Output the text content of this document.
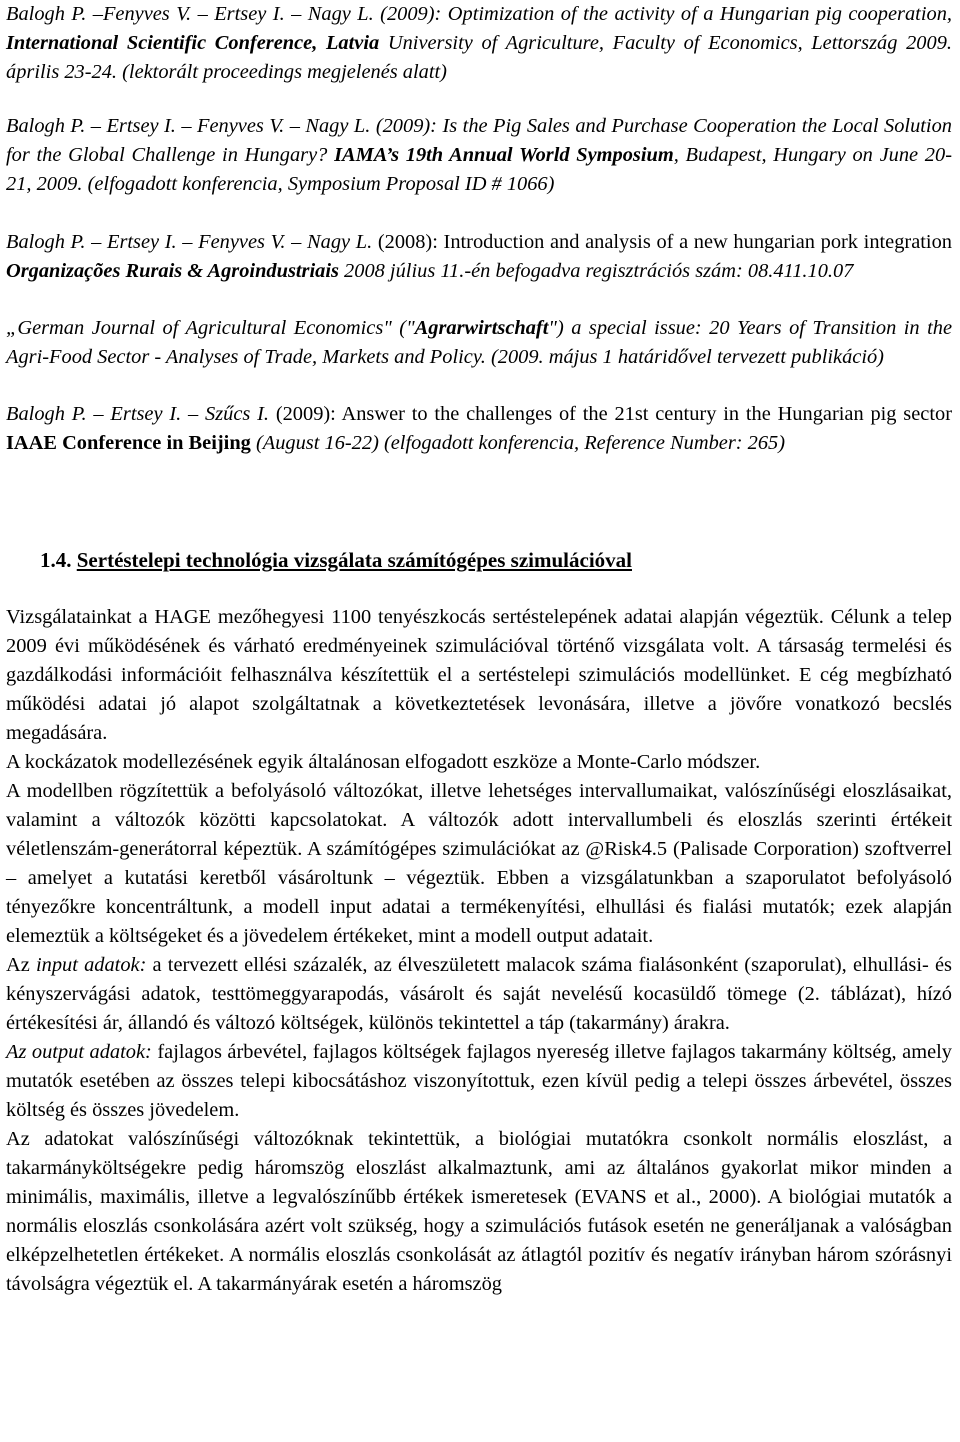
Balogh P. –Fenyves V. – Ertsey I. – Nagy L. (2009): Optimization of the activity of a Hungarian pig cooperation, International Scientific Conference, Latvia University of Agriculture, Faculty of Economics, Lettország 2009. április 23-24. (lektorált proceedings megjelenés alatt)

Balogh P. – Ertsey I. – Fenyves V. – Nagy L. (2009): Is the Pig Sales and Purchase Cooperation the Local Solution for the Global Challenge in Hungary? IAMA’s 19th Annual World Symposium, Budapest, Hungary on June 20-21, 2009. (elfogadott konferencia, Symposium Proposal ID # 1066)

Balogh P. – Ertsey I. – Fenyves V. – Nagy L. (2008): Introduction and analysis of a new hungarian pork integration Organizações Rurais & Agroindustriais 2008 július 11.-én befogadva regisztrációs szám: 08.411.10.07

„German Journal of Agricultural Economics" ("Agrarwirtschaft") a special issue: 20 Years of Transition in the Agri-Food Sector - Analyses of Trade, Markets and Policy. (2009. május 1 határidővel tervezett publikáció)

Balogh P. – Ertsey I. – Szűcs I. (2009): Answer to the challenges of the 21st century in the Hungarian pig sector IAAE Conference in Beijing (August 16-22) (elfogadott konferencia, Reference Number: 265)

1.4. Sertéstelepi technológia vizsgálata számítógépes szimulációval

Vizsgálatainkat a HAGE mezőhegyesi 1100 tenyészkocás sertéstelepének adatai alapján végeztük. Célunk a telep 2009 évi működésének és várható eredményeinek szimulációval történő vizsgálata volt. A társaság termelési és gazdálkodási információit felhasználva készítettük el a sertéstelepi szimulációs modellünket. E cég megbízható működési adatai jó alapot szolgáltatnak a következtetések levonására, illetve a jövőre vonatkozó becslés megadására.

A kockázatok modellezésének egyik általánosan elfogadott eszköze a Monte-Carlo módszer.

A modellben rögzítettük a befolyásoló változókat, illetve lehetséges intervallumaikat, valószínűségi eloszlásaikat, valamint a változók közötti kapcsolatokat. A változók adott intervallumbeli és eloszlás szerinti értékeit véletlenszám-generátorral képeztük. A számítógépes szimulációkat az @Risk4.5 (Palisade Corporation) szoftverrel – amelyet a kutatási keretből vásároltunk – végeztük. Ebben a vizsgálatunkban a szaporulatot befolyásoló tényezőkre koncentráltunk, a modell input adatai a termékenyítési, elhullási és fialási mutatók; ezek alapján elemeztük a költségeket és a jövedelem értékeket, mint a modell output adatait.

Az input adatok: a tervezett ellési százalék, az élveszületett malacok száma fialásonként (szaporulat), elhullási- és kényszervágási adatok, testtömeggyarapodás, vásárolt és saját nevelésű kocasüldő tömege (2. táblázat), hízó értékesítési ár, állandó és változó költségek, különös tekintettel a táp (takarmány) árakra.

Az output adatok: fajlagos árbevétel, fajlagos költségek fajlagos nyereség illetve fajlagos takarmány költség, amely mutatók esetében az összes telepi kibocsátáshoz viszonyítottuk, ezen kívül pedig a telepi összes árbevétel, összes költség és összes jövedelem.

Az adatokat valószínűségi változóknak tekintettük, a biológiai mutatókra csonkolt normális eloszlást, a takarmányköltségekre pedig háromszög eloszlást alkalmaztunk, ami az általános gyakorlat mikor minden a minimális, maximális, illetve a legvalószínűbb értékek ismeretesek (EVANS et al., 2000). A biológiai mutatók a normális eloszlás csonkolására azért volt szükség, hogy a szimulációs futások esetén ne generáljanak a valóságban elképzelhetetlen értékeket. A normális eloszlás csonkolását az átlagtól pozitív és negatív irányban három szórásnyi távolságra végeztük el. A takarmányárak esetén a háromszög
